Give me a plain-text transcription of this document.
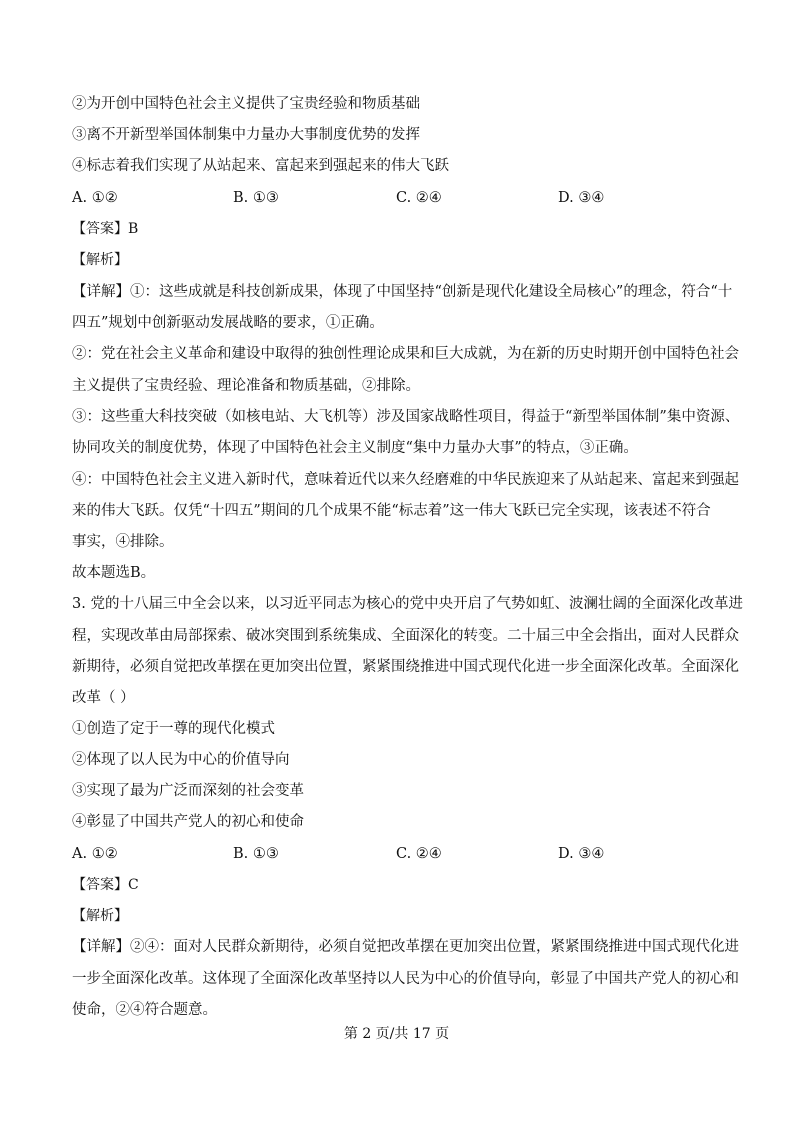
②为开创中国特色社会主义提供了宝贵经验和物质基础
③离不开新型举国体制集中力量办大事制度优势的发挥
④标志着我们实现了从站起来、富起来到强起来的伟大飞跃
A. ①②	B. ①③	C. ②④	D. ③④
【答案】B
【解析】
【详解】①：这些成就是科技创新成果，体现了中国坚持“创新是现代化建设全局核心”的理念，符合“十
四五”规划中创新驱动发展战略的要求，①正确。
②：党在社会主义革命和建设中取得的独创性理论成果和巨大成就，为在新的历史时期开创中国特色社会
主义提供了宝贵经验、理论准备和物质基础，②排除。
③：这些重大科技突破（如核电站、大飞机等）涉及国家战略性项目，得益于“新型举国体制”集中资源、
协同攻关的制度优势，体现了中国特色社会主义制度“集中力量办大事”的特点，③正确。
④：中国特色社会主义进入新时代，意味着近代以来久经磨难的中华民族迎来了从站起来、富起来到强起
来的伟大飞跃。仅凭“十四五”期间的几个成果不能“标志着”这一伟大飞跃已完全实现，该表述不符合
事实，④排除。
故本题选B。
3. 党的十八届三中全会以来，以习近平同志为核心的党中央开启了气势如虹、波澜壮阔的全面深化改革进
程，实现改革由局部探索、破冰突围到系统集成、全面深化的转变。二十届三中全会指出，面对人民群众
新期待，必须自觉把改革摆在更加突出位置，紧紧围绕推进中国式现代化进一步全面深化改革。全面深化
改革（ ）
①创造了定于一尊的现代化模式
②体现了以人民为中心的价值导向
③实现了最为广泛而深刻的社会变革
④彰显了中国共产党人的初心和使命
A. ①②	B. ①③	C. ②④	D. ③④
【答案】C
【解析】
【详解】②④：面对人民群众新期待，必须自觉把改革摆在更加突出位置，紧紧围绕推进中国式现代化进
一步全面深化改革。这体现了全面深化改革坚持以人民为中心的价值导向，彰显了中国共产党人的初心和
使命，②④符合题意。
第 2 页/共 17 页
